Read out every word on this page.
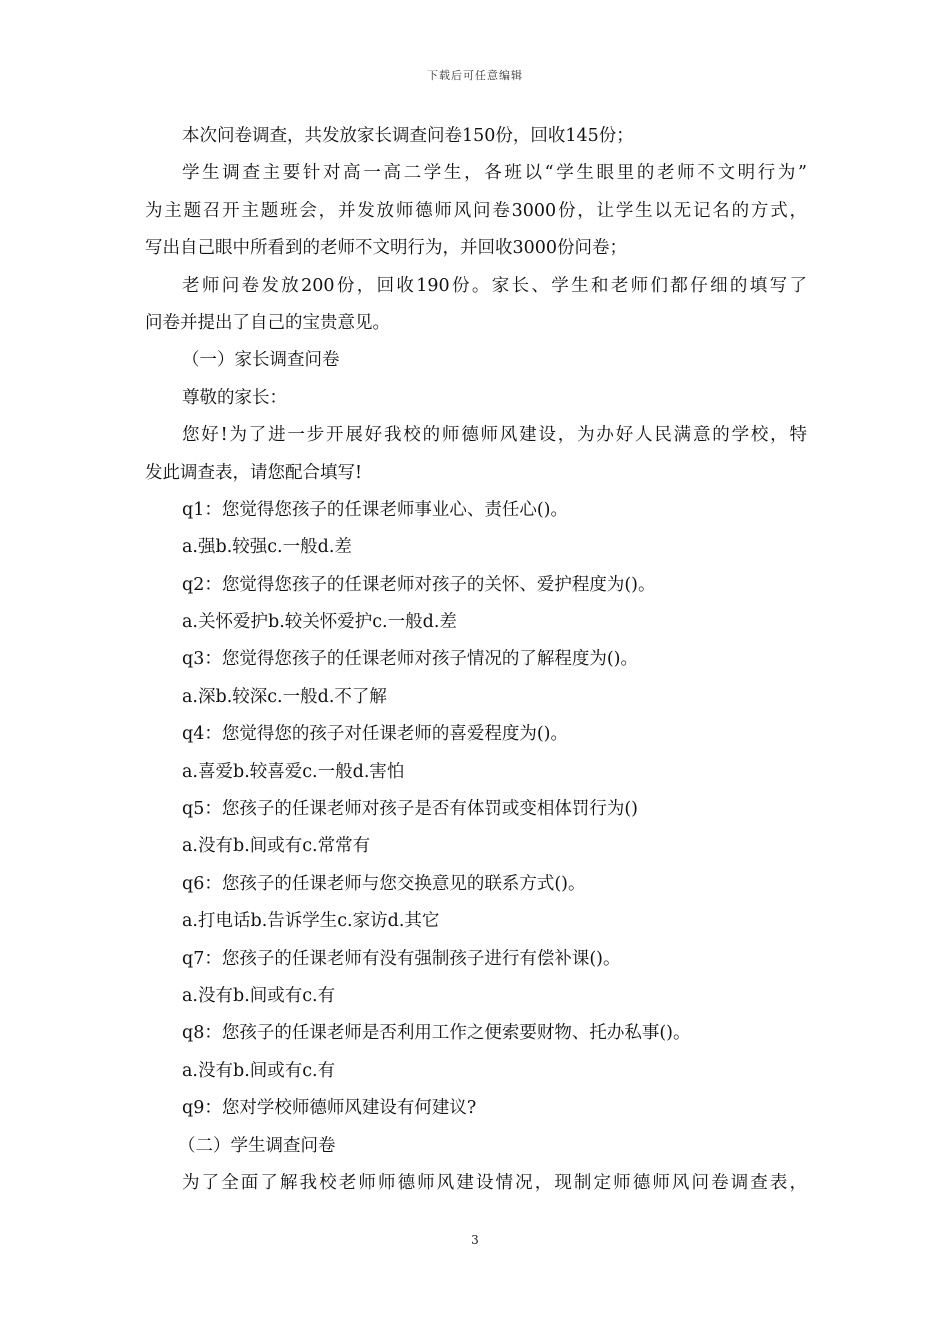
下载后可任意编辑
本次问卷调查，共发放家长调查问卷150份，回收145份；
学生调查主要针对高一高二学生，各班以“学生眼里的老师不文明行为”
为主题召开主题班会，并发放师德师风问卷3000份，让学生以无记名的方式，
写出自己眼中所看到的老师不文明行为，并回收3000份问卷；
老师问卷发放200份，回收190份。家长、学生和老师们都仔细的填写了
问卷并提出了自己的宝贵意见。
（一）家长调查问卷
尊敬的家长：
您好!为了进一步开展好我校的师德师风建设，为办好人民满意的学校，特
发此调查表，请您配合填写!
q1：您觉得您孩子的任课老师事业心、责任心()。
a.强b.较强c.一般d.差
q2：您觉得您孩子的任课老师对孩子的关怀、爱护程度为()。
a.关怀爱护b.较关怀爱护c.一般d.差
q3：您觉得您孩子的任课老师对孩子情况的了解程度为()。
a.深b.较深c.一般d.不了解
q4：您觉得您的孩子对任课老师的喜爱程度为()。
a.喜爱b.较喜爱c.一般d.害怕
q5：您孩子的任课老师对孩子是否有体罚或变相体罚行为()
a.没有b.间或有c.常常有
q6：您孩子的任课老师与您交换意见的联系方式()。
a.打电话b.告诉学生c.家访d.其它
q7：您孩子的任课老师有没有强制孩子进行有偿补课()。
a.没有b.间或有c.有
q8：您孩子的任课老师是否利用工作之便索要财物、托办私事()。
a.没有b.间或有c.有
q9：您对学校师德师风建设有何建议?
（二）学生调查问卷
为了全面了解我校老师师德师风建设情况，现制定师德师风问卷调查表，
3
